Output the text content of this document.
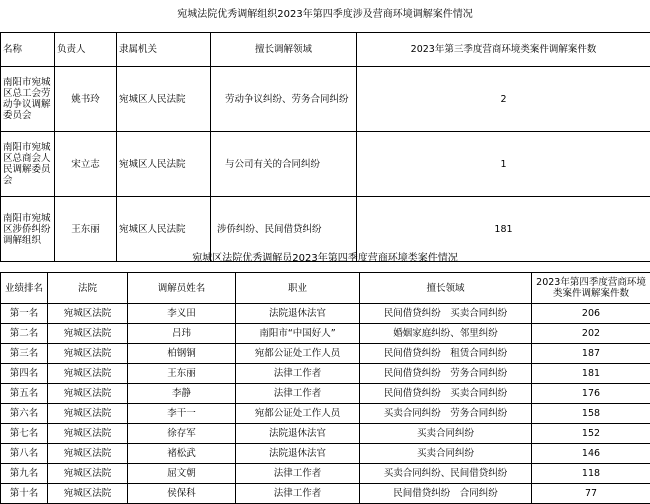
宛城法院优秀调解组织2023年第四季度涉及营商环境调解案件情况
名称	负责人	隶属机关	擅长调解领域	2023年第三季度营商环境类案件调解案件数
南阳市宛城区总工会劳动争议调解委员会	姚书玲	宛城区人民法院	劳动争议纠纷、劳务合同纠纷	2
南阳市宛城区总商会人民调解委员会	宋立志	宛城区人民法院	与公司有关的合同纠纷	1
南阳市宛城区涉侨纠纷调解组织	王东丽	宛城区人民法院	涉侨纠纷、民间借贷纠纷	181
宛城区法院优秀调解员2023年第四季度营商环境类案件情况
业绩排名	法院	调解员姓名	职业	擅长领域	2023年第四季度营商环境类案件调解案件数
第一名	宛城区法院	李义田	法院退休法官	民间借贷纠纷　买卖合同纠纷	206
第二名	宛城区法院	吕玮	南阳市“中国好人”	婚姻家庭纠纷、邻里纠纷	202
第三名	宛城区法院	柏钢铜	宛都公证处工作人员	民间借贷纠纷　租赁合同纠纷	187
第四名	宛城区法院	王东丽	法律工作者	民间借贷纠纷　劳务合同纠纷	181
第五名	宛城区法院	李静	法律工作者	民间借贷纠纷　买卖合同纠纷	176
第六名	宛城区法院	李干一	宛都公证处工作人员	买卖合同纠纷　劳务合同纠纷	158
第七名	宛城区法院	徐存军	法院退休法官	买卖合同纠纷	152
第八名	宛城区法院	褚松武	法院退休法官	买卖合同纠纷	146
第九名	宛城区法院	屈文朝	法律工作者	买卖合同纠纷、民间借贷纠纷	118
第十名	宛城区法院	侯保科	法律工作者	民间借贷纠纷　合同纠纷	77
